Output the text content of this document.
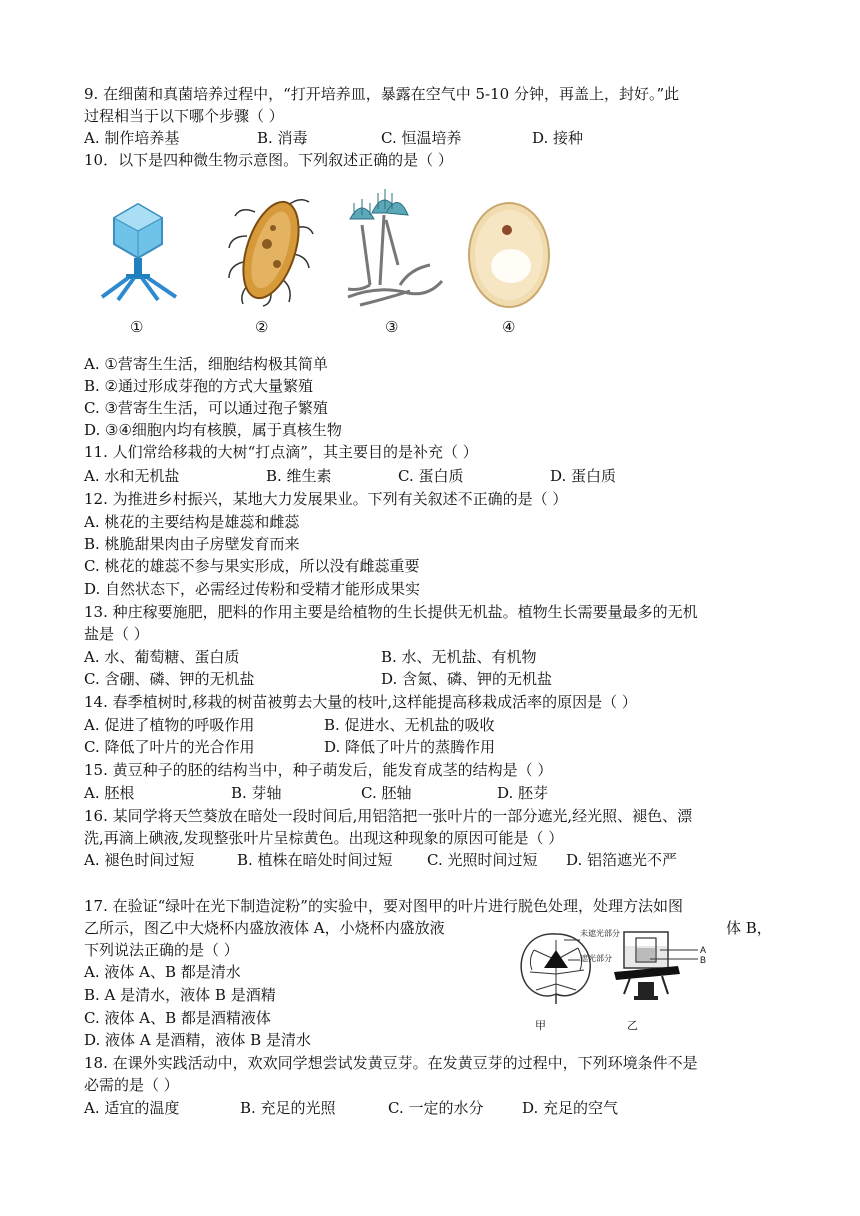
9. 在细菌和真菌培养过程中，“打开培养皿，暴露在空气中 5-10 分钟，再盖上，封好。”此
过程相当于以下哪个步骤（ ）
A. 制作培养基	B. 消毒	C. 恒温培养	D. 接种
10．以下是四种微生物示意图。下列叙述正确的是（ ）
①	②	③	④
A. ①营寄生生活，细胞结构极其简单
B. ②通过形成芽孢的方式大量繁殖
C. ③营寄生生活，可以通过孢子繁殖
D. ③④细胞内均有核膜，属于真核生物
11. 人们常给移栽的大树“打点滴”，其主要目的是补充（ ）
A. 水和无机盐	B. 维生素	C. 蛋白质	D. 蛋白质
12. 为推进乡村振兴，某地大力发展果业。下列有关叙述不正确的是（ ）
A. 桃花的主要结构是雄蕊和雌蕊
B. 桃脆甜果肉由子房壁发育而来
C. 桃花的雄蕊不参与果实形成，所以没有雌蕊重要
D. 自然状态下，必需经过传粉和受精才能形成果实
13. 种庄稼要施肥，肥料的作用主要是给植物的生长提供无机盐。植物生长需要量最多的无机
盐是（ ）
A. 水、葡萄糖、蛋白质	B. 水、无机盐、有机物
C. 含硼、磷、钾的无机盐	D. 含氮、磷、钾的无机盐
14. 春季植树时,移栽的树苗被剪去大量的枝叶,这样能提高移栽成活率的原因是（ ）
A. 促进了植物的呼吸作用	B. 促进水、无机盐的吸收
C. 降低了叶片的光合作用	D. 降低了叶片的蒸腾作用
15. 黄豆种子的胚的结构当中，种子萌发后，能发育成茎的结构是（ ）
A. 胚根	B. 芽轴	C. 胚轴	D. 胚芽
16. 某同学将天竺葵放在暗处一段时间后,用铝箔把一张叶片的一部分遮光,经光照、褪色、漂
洗,再滴上碘液,发现整张叶片呈棕黄色。出现这种现象的原因可能是（ ）
A. 褪色时间过短	B. 植株在暗处时间过短 C. 光照时间过短 D. 铝箔遮光不严
17. 在验证“绿叶在光下制造淀粉”的实验中，要对图甲的叶片进行脱色处理，处理方法如图
乙所示，图乙中大烧杯内盛放液体 A，小烧杯内盛放液	体 B，
下列说法正确的是（ ）
A. 液体 A、B 都是清水
B. A 是清水，液体 B 是酒精
C. 液体 A、B 都是酒精液体
D. 液体 A 是酒精，液体 B 是清水
未遮光部分
遮光部分
A
B
甲	乙
18. 在课外实践活动中，欢欢同学想尝试发黄豆芽。在发黄豆芽的过程中，下列环境条件不是
必需的是（ ）
A. 适宜的温度	B. 充足的光照	C. 一定的水分	D. 充足的空气
